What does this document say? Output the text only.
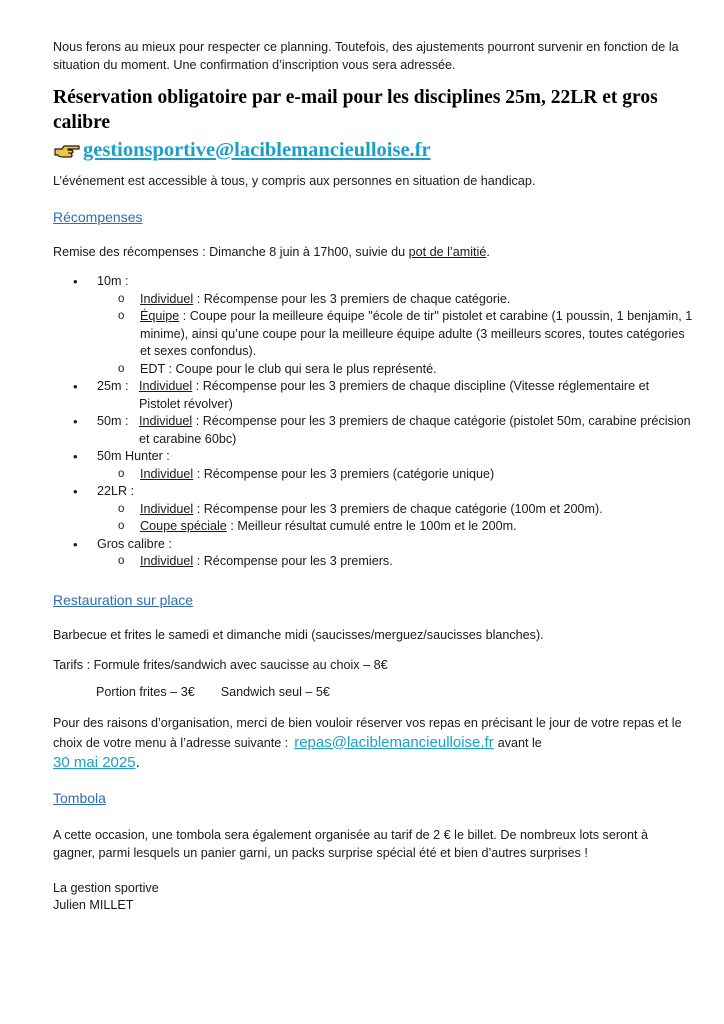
Nous ferons au mieux pour respecter ce planning. Toutefois, des ajustements pourront survenir en fonction de la situation du moment. Une confirmation d’inscription vous sera adressée.

Réservation obligatoire par e-mail pour les disciplines 25m, 22LR et gros calibre

gestionsportive@laciblemancieulloise.fr

L’événement est accessible à tous, y compris aux personnes en situation de handicap.

Récompenses

Remise des récompenses : Dimanche 8 juin à 17h00, suivie du pot de l’amitié.

• 10m :
o Individuel : Récompense pour les 3 premiers de chaque catégorie.
o Équipe : Coupe pour la meilleure équipe "école de tir" pistolet et carabine (1 poussin, 1 benjamin, 1 minime), ainsi qu’une coupe pour la meilleure équipe adulte (3 meilleurs scores, toutes catégories et sexes confondus).
o EDT : Coupe pour le club qui sera le plus représenté.
• 25m : Individuel : Récompense pour les 3 premiers de chaque discipline (Vitesse réglementaire et Pistolet révolver)
• 50m : Individuel : Récompense pour les 3 premiers de chaque catégorie (pistolet 50m, carabine précision et carabine 60bc)
• 50m Hunter :
o Individuel : Récompense pour les 3 premiers (catégorie unique)
• 22LR :
o Individuel : Récompense pour les 3 premiers de chaque catégorie (100m et 200m).
o Coupe spéciale : Meilleur résultat cumulé entre le 100m et le 200m.
• Gros calibre :
o Individuel : Récompense pour les 3 premiers.

Restauration sur place

Barbecue et frites le samedi et dimanche midi (saucisses/merguez/saucisses blanches).

Tarifs : Formule frites/sandwich avec saucisse au choix – 8€

Portion frites – 3€ Sandwich seul – 5€

Pour des raisons d’organisation, merci de bien vouloir réserver vos repas en précisant le jour de votre repas et le choix de votre menu à l’adresse suivante : repas@laciblemancieulloise.fr avant le
30 mai 2025.

Tombola

A cette occasion, une tombola sera également organisée au tarif de 2 € le billet. De nombreux lots seront à gagner, parmi lesquels un panier garni, un packs surprise spécial été et bien d’autres surprises !

La gestion sportive

Julien MILLET
